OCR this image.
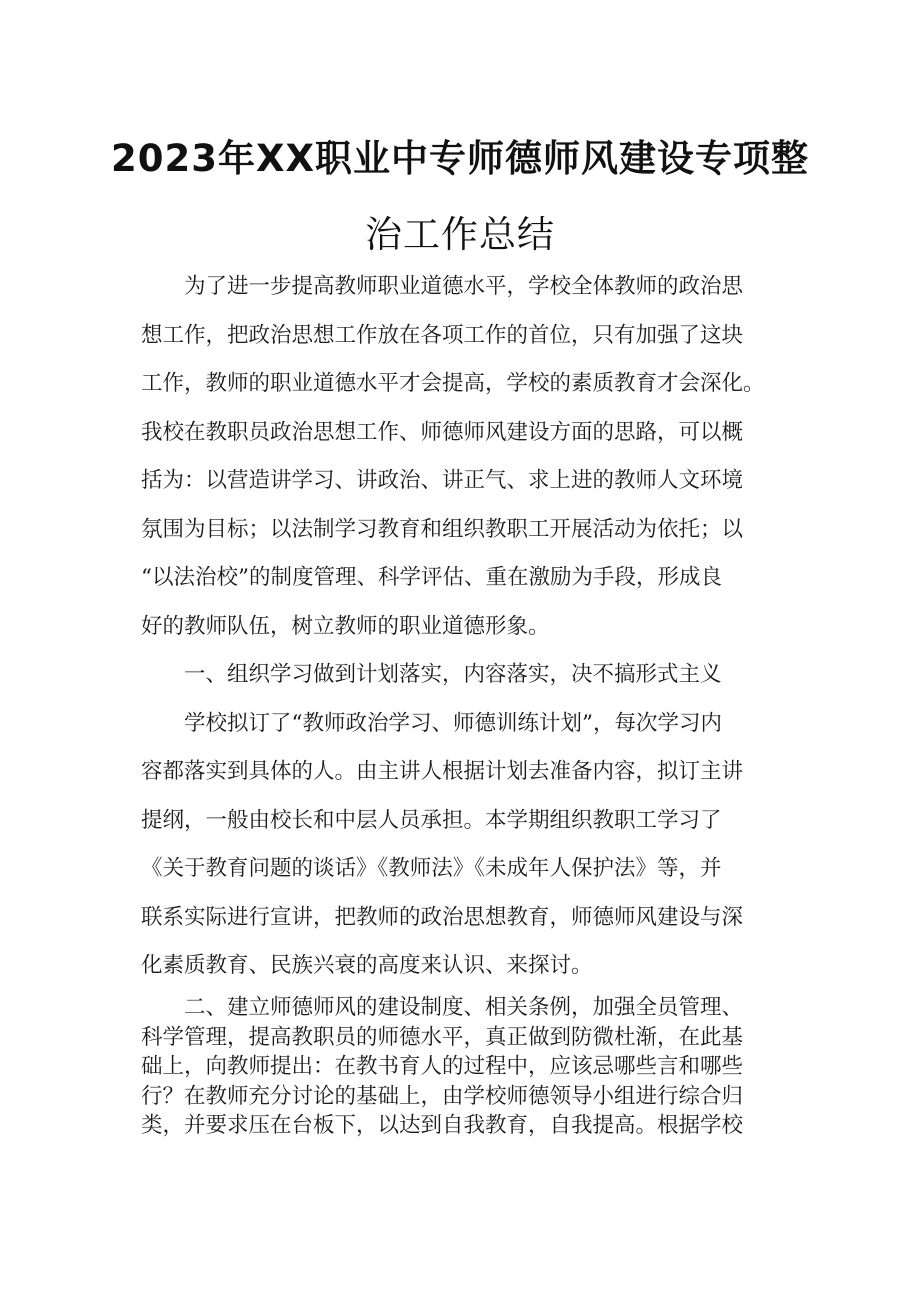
2023年XX职业中专师德师风建设专项整
治工作总结
为了进一步提高教师职业道德水平，学校全体教师的政治思
想工作，把政治思想工作放在各项工作的首位，只有加强了这块
工作，教师的职业道德水平才会提高，学校的素质教育才会深化。
我校在教职员政治思想工作、师德师风建设方面的思路，可以概
括为：以营造讲学习、讲政治、讲正气、求上进的教师人文环境
氛围为目标；以法制学习教育和组织教职工开展活动为依托；以
“以法治校”的制度管理、科学评估、重在激励为手段，形成良
好的教师队伍，树立教师的职业道德形象。
一、组织学习做到计划落实，内容落实，决不搞形式主义
学校拟订了“教师政治学习、师德训练计划”，每次学习内
容都落实到具体的人。由主讲人根据计划去准备内容，拟订主讲
提纲，一般由校长和中层人员承担。本学期组织教职工学习了
《关于教育问题的谈话》《教师法》《未成年人保护法》等，并
联系实际进行宣讲，把教师的政治思想教育，师德师风建设与深
化素质教育、民族兴衰的高度来认识、来探讨。
二、建立师德师风的建设制度、相关条例，加强全员管理、
科学管理，提高教职员的师德水平，真正做到防微杜渐，在此基
础上，向教师提出：在教书育人的过程中，应该忌哪些言和哪些
行？在教师充分讨论的基础上，由学校师德领导小组进行综合归
类，并要求压在台板下，以达到自我教育，自我提高。根据学校
